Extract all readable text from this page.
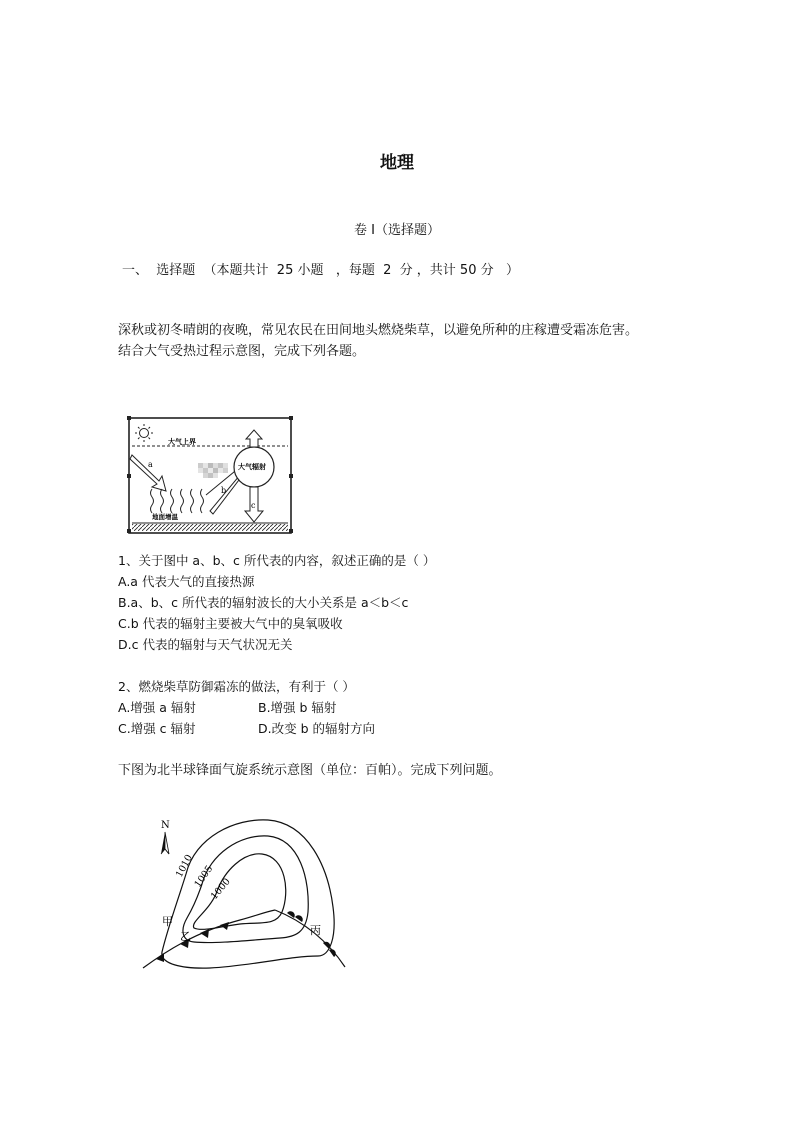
地理
卷 I（选择题）
一、  选择题  （本题共计  25 小题   ，每题  2  分 ，共计 50 分   ）
深秋或初冬晴朗的夜晚，常见农民在田间地头燃烧柴草，以避免所种的庄稼遭受霜冻危害。
结合大气受热过程示意图，完成下列各题。
大气上界
a
b
大气辐射
c
地面增温
1、关于图中 a、b、c 所代表的内容，叙述正确的是（ ）
A.a 代表大气的直接热源
B.a、b、c 所代表的辐射波长的大小关系是 a＜b＜c
C.b 代表的辐射主要被大气中的臭氧吸收
D.c 代表的辐射与天气状况无关
2、燃烧柴草防御霜冻的做法，有利于（ ）
A.增强 a 辐射	B.增强 b 辐射
C.增强 c 辐射	D.改变 b 的辐射方向
下图为北半球锋面气旋系统示意图（单位：百帕）。完成下列问题。
N
1010
1005
1000
甲
乙	丙
